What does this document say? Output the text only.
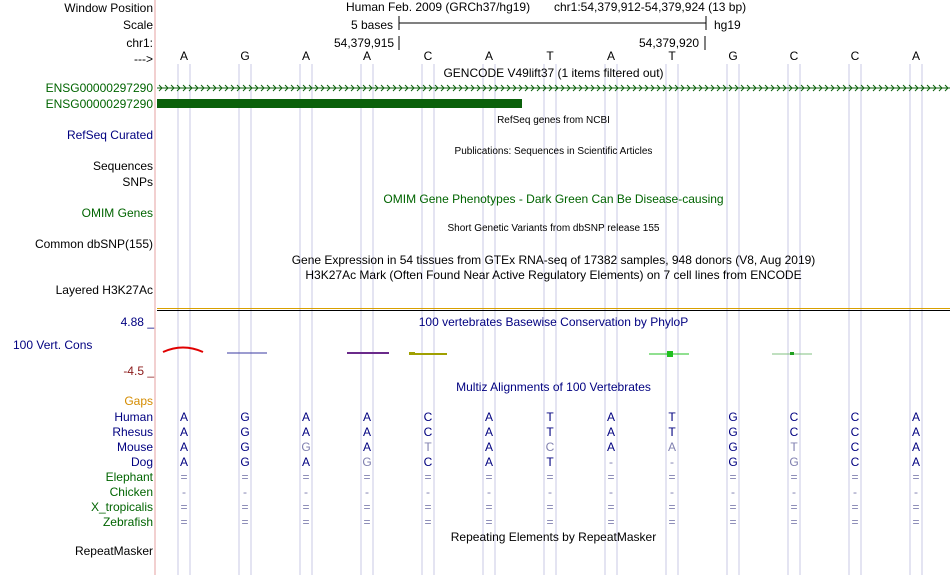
Window Position
Scale
chr1:
--->
Human Feb. 2009 (GRCh37/hg19) chr1:54,379,912-54,379,924 (13 bp)
5 bases	hg19
54,379,915	54,379,920
A	G	A	A	C	A	T	A	T	G	C	C	A
GENCODE V49lift37 (1 items filtered out)
ENSG00000297290
ENSG00000297290
RefSeq genes from NCBI
RefSeq Curated
Publications: Sequences in Scientific Articles
Sequences
SNPs
OMIM Gene Phenotypes - Dark Green Can Be Disease-causing
OMIM Genes
Short Genetic Variants from dbSNP release 155
Common dbSNP(155)
Gene Expression in 54 tissues from GTEx RNA-seq of 17382 samples, 948 donors (V8, Aug 2019)
H3K27Ac Mark (Often Found Near Active Regulatory Elements) on 7 cell lines from ENCODE
Layered H3K27Ac
100 vertebrates Basewise Conservation by PhyloP
4.88 _
100 Vert. Cons
-4.5 _
Multiz Alignments of 100 Vertebrates
Gaps
Human	A	G	A	A	C	A	T	A	T	G	C	C	A
Rhesus	A	G	A	A	C	A	T	A	T	G	C	C	A
Mouse	A	G	G	A	T	A	C	A	A	G	T	C	A
Dog	A	G	A	G	C	A	T	-	-	G	G	C	A
Elephant	=	=	=	=	=	=	=	=	=	=	=	=	=
Chicken	-	-	-	-	-	-	-	-	-	-	-	-	-
X_tropicalis	=	=	=	=	=	=	=	=	=	=	=	=	=
Zebrafish	=	=	=	=	=	=	=	=	=	=	=	=	=
Repeating Elements by RepeatMasker
RepeatMasker
